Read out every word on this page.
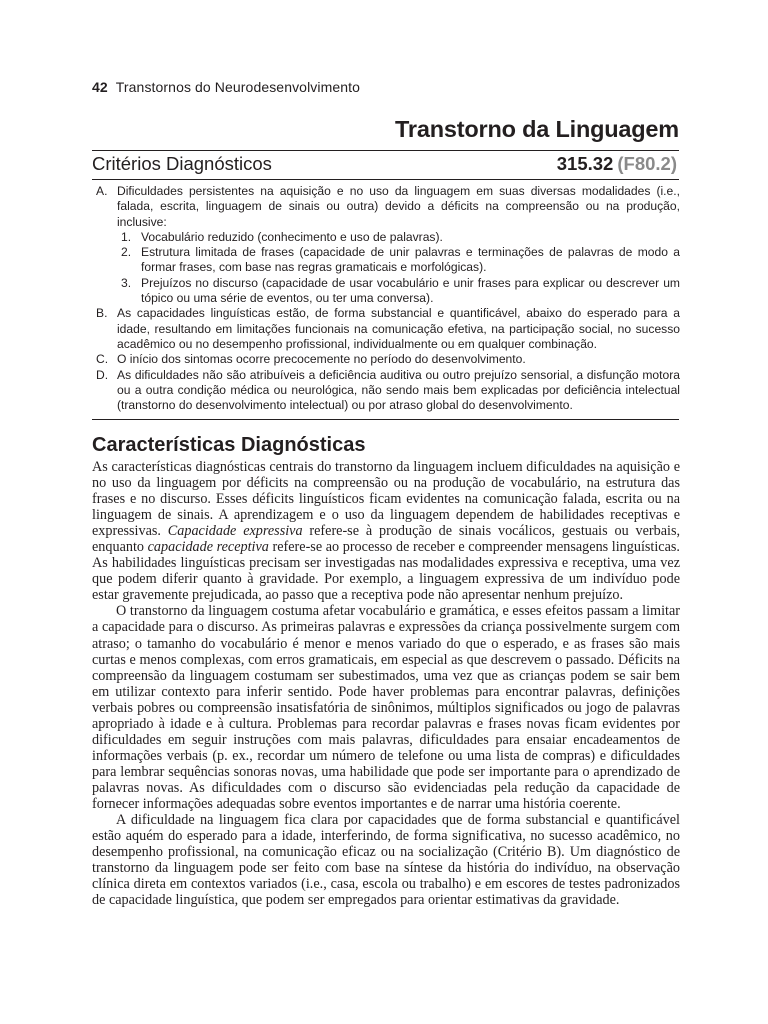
42 Transtornos do Neurodesenvolvimento
Transtorno da Linguagem
Critérios Diagnósticos	315.32 (F80.2)
A. Dificuldades persistentes na aquisição e no uso da linguagem em suas diversas modalidades (i.e., falada, escrita, linguagem de sinais ou outra) devido a déficits na compreensão ou na produção, inclusive:
1. Vocabulário reduzido (conhecimento e uso de palavras).
2. Estrutura limitada de frases (capacidade de unir palavras e terminações de palavras de modo a formar frases, com base nas regras gramaticais e morfológicas).
3. Prejuízos no discurso (capacidade de usar vocabulário e unir frases para explicar ou descrever um tópico ou uma série de eventos, ou ter uma conversa).
B. As capacidades linguísticas estão, de forma substancial e quantificável, abaixo do esperado para a idade, resultando em limitações funcionais na comunicação efetiva, na participação social, no sucesso acadêmico ou no desempenho profissional, individualmente ou em qualquer combinação.
C. O início dos sintomas ocorre precocemente no período do desenvolvimento.
D. As dificuldades não são atribuíveis a deficiência auditiva ou outro prejuízo sensorial, a disfunção motora ou a outra condição médica ou neurológica, não sendo mais bem explicadas por deficiência intelectual (transtorno do desenvolvimento intelectual) ou por atraso global do desenvolvimento.
Características Diagnósticas

As características diagnósticas centrais do transtorno da linguagem incluem dificuldades na aquisição e no uso da linguagem por déficits na compreensão ou na produção de vocabulário, na estrutura das frases e no discurso. Esses déficits linguísticos ficam evidentes na comunicação falada, escrita ou na linguagem de sinais. A aprendizagem e o uso da linguagem dependem de habilidades receptivas e expressivas. Capacidade expressiva refere-se à produção de sinais vocálicos, gestuais ou verbais, enquanto capacidade receptiva refere-se ao processo de receber e compreender mensagens linguísticas. As habilidades linguísticas precisam ser investigadas nas modalidades expressiva e receptiva, uma vez que podem diferir quanto à gravidade. Por exemplo, a linguagem expressiva de um indivíduo pode estar gravemente prejudicada, ao passo que a receptiva pode não apresentar nenhum prejuízo.

O transtorno da linguagem costuma afetar vocabulário e gramática, e esses efeitos passam a limitar a capacidade para o discurso. As primeiras palavras e expressões da criança possivelmente surgem com atraso; o tamanho do vocabulário é menor e menos variado do que o esperado, e as frases são mais curtas e menos complexas, com erros gramaticais, em especial as que descrevem o passado. Déficits na compreensão da linguagem costumam ser subestimados, uma vez que as crianças podem se sair bem em utilizar contexto para inferir sentido. Pode haver problemas para encontrar palavras, definições verbais pobres ou compreensão insatisfatória de sinônimos, múltiplos significados ou jogo de palavras apropriado à idade e à cultura. Problemas para recordar palavras e frases novas ficam evidentes por dificuldades em seguir instruções com mais palavras, dificuldades para ensaiar encadeamentos de informações verbais (p. ex., recordar um número de telefone ou uma lista de compras) e dificuldades para lembrar sequências sonoras novas, uma habilidade que pode ser importante para o aprendizado de palavras novas. As dificuldades com o discurso são evidenciadas pela redução da capacidade de fornecer informações adequadas sobre eventos importantes e de narrar uma história coerente.

A dificuldade na linguagem fica clara por capacidades que de forma substancial e quantificável estão aquém do esperado para a idade, interferindo, de forma significativa, no sucesso acadêmico, no desempenho profissional, na comunicação eficaz ou na socialização (Critério B). Um diagnóstico de transtorno da linguagem pode ser feito com base na síntese da história do indivíduo, na observação clínica direta em contextos variados (i.e., casa, escola ou trabalho) e em escores de testes padronizados de capacidade linguística, que podem ser empregados para orientar estimativas da gravidade.
